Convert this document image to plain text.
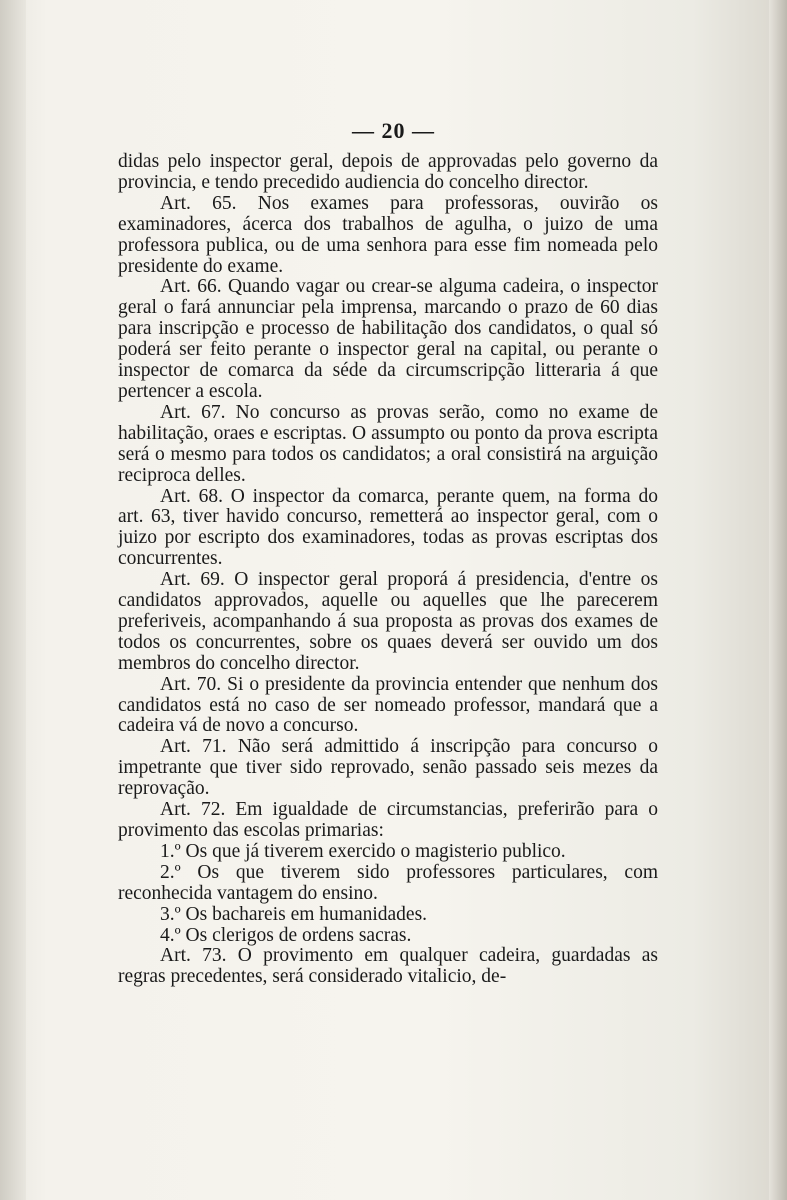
— 20 —

didas pelo inspector geral, depois de approvadas pelo governo da provincia, e tendo precedido audiencia do concelho director.

Art. 65. Nos exames para professoras, ouvirão os examinadores, ácerca dos trabalhos de agulha, o juizo de uma professora publica, ou de uma senhora para esse fim nomeada pelo presidente do exame.

Art. 66. Quando vagar ou crear-se alguma cadeira, o inspector geral o fará annunciar pela imprensa, marcando o prazo de 60 dias para inscripção e processo de habilitação dos candidatos, o qual só poderá ser feito perante o inspector geral na capital, ou perante o inspector de comarca da séde da circumscripção litteraria á que pertencer a escola.

Art. 67. No concurso as provas serão, como no exame de habilitação, oraes e escriptas. O assumpto ou ponto da prova escripta será o mesmo para todos os candidatos; a oral consistirá na arguição reciproca delles.

Art. 68. O inspector da comarca, perante quem, na forma do art. 63, tiver havido concurso, remetterá ao inspector geral, com o juizo por escripto dos examinadores, todas as provas escriptas dos concurrentes.

Art. 69. O inspector geral proporá á presidencia, d'entre os candidatos approvados, aquelle ou aquelles que lhe parecerem preferiveis, acompanhando á sua proposta as provas dos exames de todos os concurrentes, sobre os quaes deverá ser ouvido um dos membros do concelho director.

Art. 70. Si o presidente da provincia entender que nenhum dos candidatos está no caso de ser nomeado professor, mandará que a cadeira vá de novo a concurso.

Art. 71. Não será admittido á inscripção para concurso o impetrante que tiver sido reprovado, senão passado seis mezes da reprovação.

Art. 72. Em igualdade de circumstancias, preferirão para o provimento das escolas primarias:

1.º Os que já tiverem exercido o magisterio publico.

2.º Os que tiverem sido professores particulares, com reconhecida vantagem do ensino.

3.º Os bachareis em humanidades.

4.º Os clerigos de ordens sacras.

Art. 73. O provimento em qualquer cadeira, guardadas as regras precedentes, será considerado vitalicio, de-
